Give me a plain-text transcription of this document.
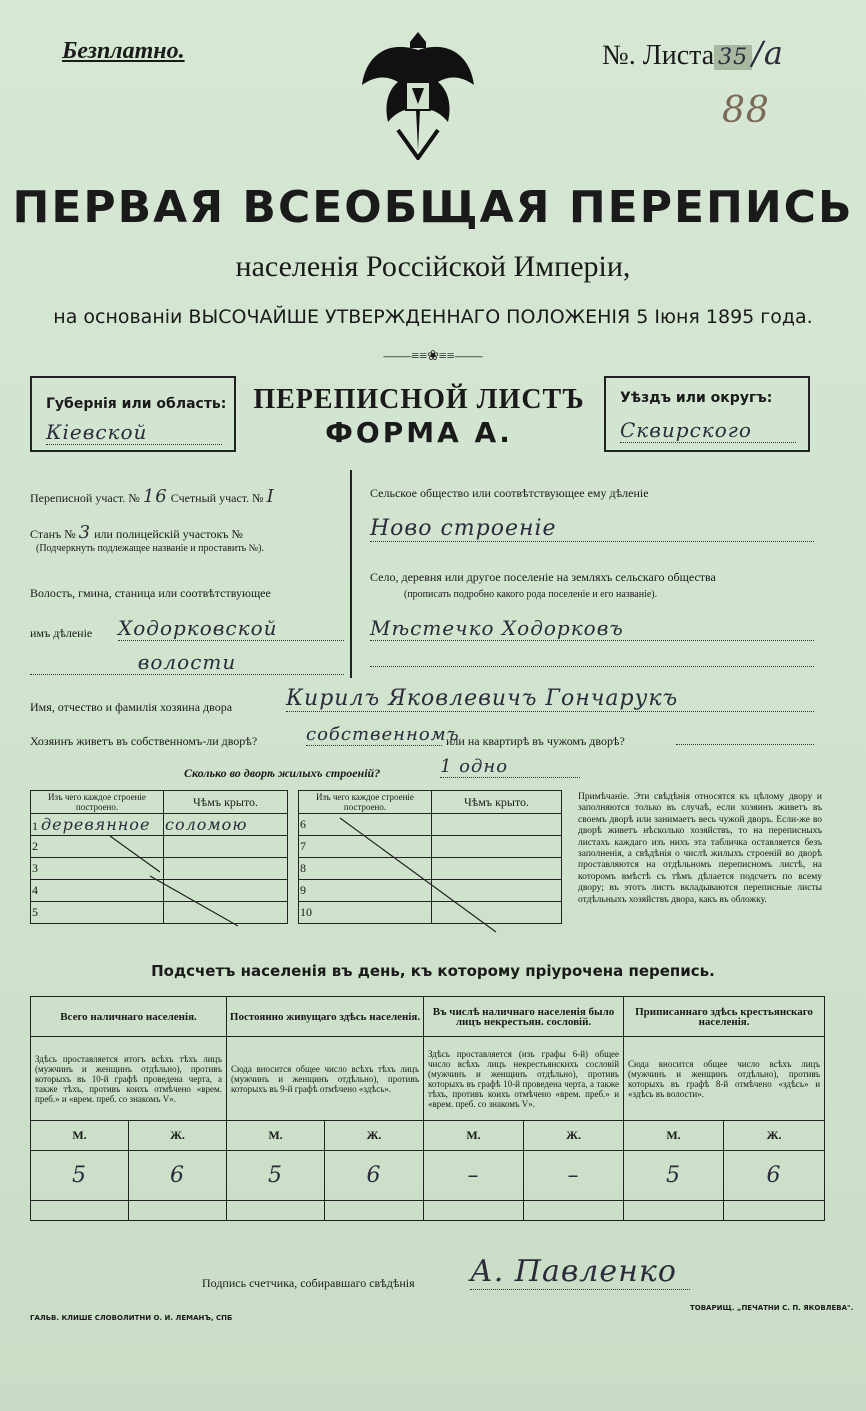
Безплатно.	№. Листа 35 /a
88
ПЕРВАЯ ВСЕОБЩАЯ ПЕРЕПИСЬ
населенія Россійской Имперіи,
на основаніи ВЫСОЧАЙШЕ УТВЕРЖДЕННАГО ПОЛОЖЕНІЯ 5 Іюня 1895 года.
——≡≡❀≡≡——
Губернія или область:
Кіевской
ПЕРЕПИСНОЙ ЛИСТЪ
ФОРМА А.
Уѣздъ или округъ:
Сквирского
Переписной участ. № 16 Счетный участ. № I
Станъ № 3 или полицейскій участокъ №
(Подчеркнуть подлежащее названіе и проставить №).
Волость, гмина, станица или соотвѣтствующее
имъ дѣленіе Ходорковской
волости
Сельское общество или соотвѣтствующее ему дѣленіе
Ново строеніе
Село, деревня или другое поселеніе на земляхъ сельскаго общества
(прописать подробно какого рода поселеніе и его названіе).
Мѣстечко Ходорковъ
Имя, отчество и фамилія хозяина двора Кирилъ Яковлевичъ Гончарукъ
Хозяинъ живетъ въ собственномъ-ли дворѣ?	собственномъ
или на квартирѣ въ чужомъ дворѣ?
Сколько во дворѣ жилыхъ строеній?	1 одно
Изъ чего каждое строеніе построено.	Чѣмъ крыто.
1 деревянное	соломою
2	
3	
4	
5	
Изъ чего каждое строеніе построено.	Чѣмъ крыто.
6	
7	
8	
9	
10	
Примѣчаніе. Эти свѣдѣнія относятся къ цѣлому двору и заполняются только въ случаѣ, если хозяинъ живетъ въ своемъ дворѣ или занимаетъ весь чужой дворъ. Если-же во дворѣ живетъ нѣсколько хозяйствъ, то на переписныхъ листахъ каждаго изъ нихъ эта табличка оставляется безъ заполненія, а свѣдѣнія о числѣ жилыхъ строеній во дворѣ проставляются на отдѣльномъ переписномъ листѣ, на которомъ вмѣстѣ съ тѣмъ дѣлается подсчетъ по всему двору; въ этотъ листъ вкладываются переписные листы отдѣльныхъ хозяйствъ двора, какъ въ обложку.
Подсчетъ населенія въ день, къ которому пріурочена перепись.
Всего наличнаго населенія.		Постоянно живущаго здѣсь населенія.		Въ числѣ наличнаго населенія было лицъ некрестьян. сословій.		Приписаннаго здѣсь крестьянскаго населенія.	
Здѣсь проставляется итогъ всѣхъ тѣхъ лицъ (мужчинъ и женщинъ отдѣльно), противъ которыхъ въ 10-й графѣ проведена черта, а также тѣхъ, противъ коихъ отмѣчено «врем. преб.» и «врем. преб. со знакомъ V».		Сюда вносится общее число всѣхъ тѣхъ лицъ (мужчинъ и женщинъ отдѣльно), противъ которыхъ въ 9-й графѣ отмѣчено «здѣсь».		Здѣсь проставляется (изъ графы 6-й) общее число всѣхъ лицъ некрестьянскихъ сословій (мужчинъ и женщинъ отдѣльно), противъ которыхъ въ графѣ 10-й проведена черта, а также тѣхъ, противъ коихъ отмѣчено «врем. преб.» и «врем. преб. со знакомъ V».		Сюда вносится общее число всѣхъ лицъ (мужчинъ и женщинъ отдѣльно), противъ которыхъ въ графѣ 8-й отмѣчено «здѣсь» и «здѣсь въ волости».	
М.	Ж.	М.	Ж.	М.	Ж.	М.	Ж.
5	6	5	6	–	–	5	6

Подпись счетчика, собиравшаго свѣдѣнія А. Павленко
ГАЛЬВ. КЛИШЕ СЛОВОЛИТНИ О. И. ЛЕМАНЪ, СПБ
ТОВАРИЩ. „ПЕЧАТНИ С. П. ЯКОВЛЕВА".
